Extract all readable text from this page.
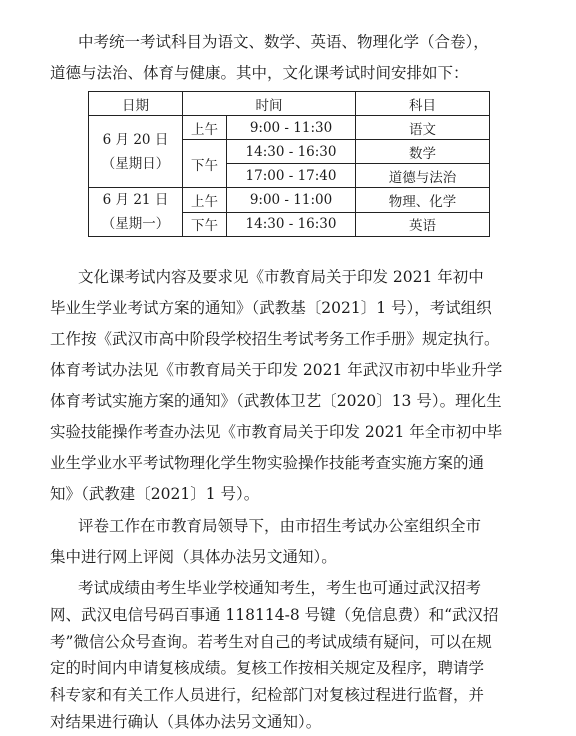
中考统一考试科目为语文、数学、英语、物理化学（合卷），
道德与法治、体育与健康。其中，文化课考试时间安排如下：
日期	时间		科目

6 月 20 日
（星期日）	上午	9:00 - 11:30	语文
	下午	14:30 - 16:30	数学
		17:00 - 17:40	道德与法治

6 月 21 日
（星期一）	上午	9:00 - 11:00	物理、化学
	下午	14:30 - 16:30	英语
文化课考试内容及要求见《市教育局关于印发 2021 年初中
毕业生学业考试方案的通知》（武教基〔2021〕1 号），考试组织
工作按《武汉市高中阶段学校招生考试考务工作手册》规定执行。
体育考试办法见《市教育局关于印发 2021 年武汉市初中毕业升学
体育考试实施方案的通知》（武教体卫艺〔2020〕13 号）。理化生
实验技能操作考查办法见《市教育局关于印发 2021 年全市初中毕
业生学业水平考试物理化学生物实验操作技能考查实施方案的通
知》（武教建〔2021〕1 号）。
评卷工作在市教育局领导下，由市招生考试办公室组织全市
集中进行网上评阅（具体办法另文通知）。
考试成绩由考生毕业学校通知考生，考生也可通过武汉招考
网、武汉电信号码百事通 118114-8 号键（免信息费）和“武汉招
考”微信公众号查询。若考生对自己的考试成绩有疑问，可以在规
定的时间内申请复核成绩。复核工作按相关规定及程序，聘请学
科专家和有关工作人员进行，纪检部门对复核过程进行监督，并
对结果进行确认（具体办法另文通知）。
